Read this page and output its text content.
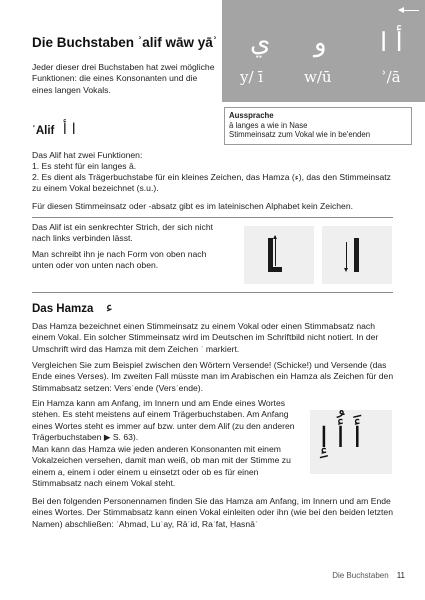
Die Buchstaben ʾalif wāw yāʾ
Jeder dieser drei Buchstaben hat zwei mögliche Funktionen: die eines Konsonanten und die eines langen Vokals.
ي و أ ا
y/ ī	w/ū	ʾ/ā
Aussprache
ā langes a wie in Nase
Stimmeinsatz zum Vokal wie in be'enden
ʾAlif ا أ
Das Alif hat zwei Funktionen:
1. Es steht für ein langes ā.
2. Es dient als Trägerbuchstabe für ein kleines Zeichen, das Hamza (ء), das den Stimmeinsatz zu einem Vokal bezeichnet (s.u.).
Für diesen Stimmeinsatz oder -absatz gibt es im lateinischen Alphabet kein Zeichen.
Das Alif ist ein senkrechter Strich, der sich nicht nach links verbinden lässt.
Man schreibt ihn je nach Form von oben nach unten oder von unten nach oben.
Das Hamza ء
Das Hamza bezeichnet einen Stimmeinsatz zu einem Vokal oder einen Stimmabsatz nach einem Vokal. Ein solcher Stimmeinsatz wird im Deutschen im Schriftbild nicht notiert. In der Umschrift wird das Hamza mit dem Zeichen ʾ markiert.
Vergleichen Sie zum Beispiel zwischen den Wörtern Versende! (Schicke!) und Versende (das Ende eines Verses). Im zweiten Fall müsste man im Arabischen ein Hamza als Zeichen für den Stimmabsatz setzen: Versʾende (Versʾende).
Ein Hamza kann am Anfang, im Innern und am Ende eines Wortes stehen. Es steht meistens auf einem Trägerbuchstaben. Am Anfang eines Wortes steht es immer auf bzw. unter dem Alif (zu den anderen Trägerbuchstaben ▶ S. 63).
Man kann das Hamza wie jeden anderen Konsonanten mit einem Vokalzeichen versehen, damit man weiß, ob man mit der Stimme zu einem a, einem i oder einem u einsetzt oder ob es für einen Stimmabsatz nach einem Vokal steht.
أَ أُ إِ
Bei den folgenden Personennamen finden Sie das Hamza am Anfang, im Innern und am Ende eines Wortes. Der Stimmabsatz kann einen Vokal einleiten oder ihn (wie bei den beiden letzten Namen) abschließen: ʾAḥmad, Luʾay, Rāʾid, Raʾfat, Ḥasnāʾ
Die Buchstaben 11
